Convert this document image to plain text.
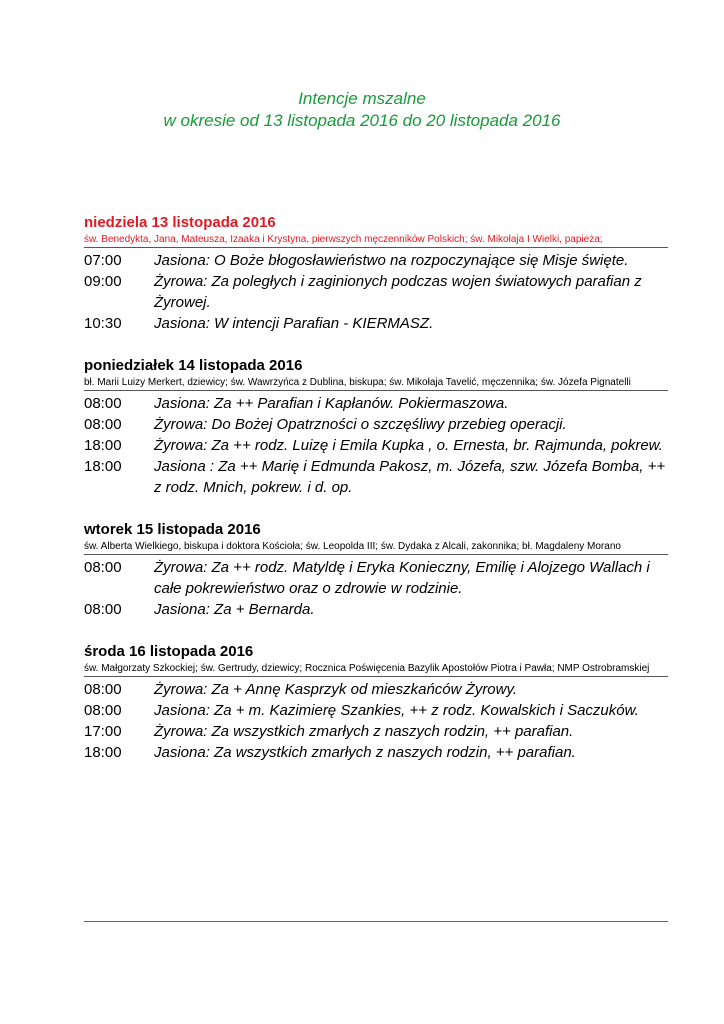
Intencje mszalne
w okresie od 13 listopada 2016 do 20 listopada 2016
niedziela 13 listopada 2016
św. Benedykta, Jana, Mateusza, Izaaka i Krystyna, pierwszych męczenników Polskich; św. Mikołaja I Wielki, papieża;
07:00	Jasiona: O Boże błogosławieństwo na rozpoczynające się Misje święte.
09:00	Żyrowa: Za poległych i zaginionych podczas wojen światowych parafian z Żyrowej.
10:30	Jasiona: W intencji Parafian - KIERMASZ.
poniedziałek 14 listopada 2016
bł. Marii Luizy Merkert, dziewicy; św. Wawrzyńca z Dublina, biskupa; św. Mikołaja Tavelić, męczennika; św. Józefa Pignatelli
08:00	Jasiona: Za ++ Parafian i Kapłanów. Pokiermaszowa.
08:00	Żyrowa: Do Bożej Opatrzności o szczęśliwy przebieg operacji.
18:00	Żyrowa: Za ++ rodz. Luizę i Emila Kupka , o. Ernesta, br. Rajmunda, pokrew.
18:00	Jasiona : Za ++ Marię i Edmunda Pakosz, m. Józefa, szw. Józefa Bomba, ++ z rodz. Mnich, pokrew. i d. op.
wtorek 15 listopada 2016
św. Alberta Wielkiego, biskupa i doktora Kościoła; św. Leopolda III; św. Dydaka z Alcali, zakonnika; bł. Magdaleny Morano
08:00	Żyrowa: Za ++ rodz. Matyldę i Eryka Konieczny, Emilię i Alojzego Wallach i całe pokrewieństwo oraz o zdrowie w rodzinie.
08:00	Jasiona: Za + Bernarda.
środa 16 listopada 2016
św. Małgorzaty Szkockiej; św. Gertrudy, dziewicy; Rocznica Poświęcenia Bazylik Apostołów Piotra i Pawła; NMP Ostrobramskiej
08:00	Żyrowa: Za + Annę Kasprzyk od mieszkańców Żyrowy.
08:00	Jasiona: Za + m. Kazimierę Szankies, ++ z rodz. Kowalskich i Saczuków.
17:00	Żyrowa: Za wszystkich zmarłych z naszych rodzin, ++ parafian.
18:00	Jasiona: Za wszystkich zmarłych z naszych rodzin, ++ parafian.
